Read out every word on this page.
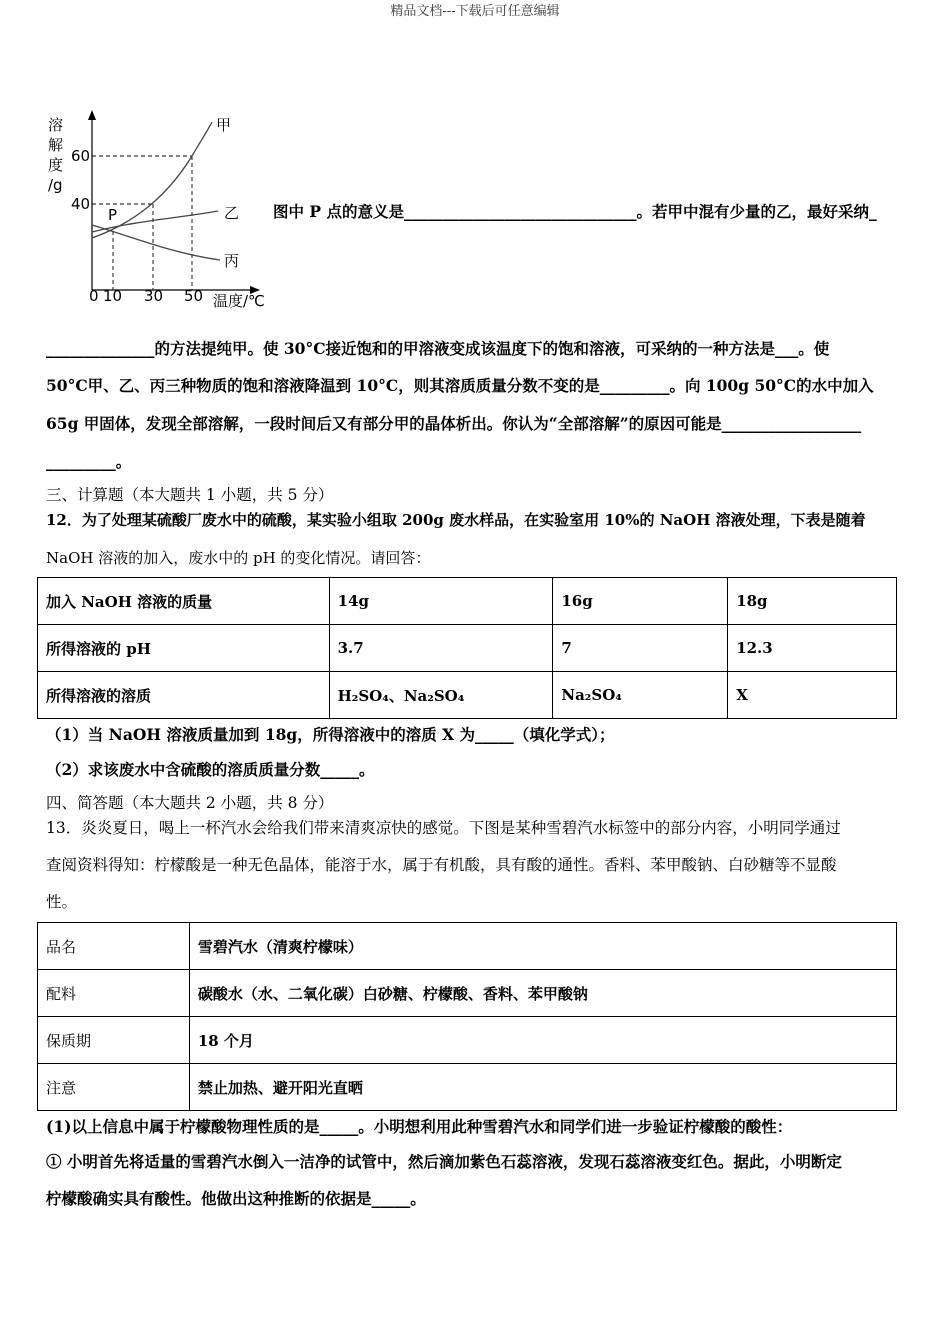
精品文档---下载后可任意编辑
溶
解
度
/g
60
40
甲
乙
丙
P
0 10 30 50 温度/℃
图中 P 点的意义是______________________________。若甲中混有少量的乙，最好采纳_
______________的方法提纯甲。使 30°C接近饱和的甲溶液变成该温度下的饱和溶液，可采纳的一种方法是___。使
50°C甲、乙、丙三种物质的饱和溶液降温到 10°C，则其溶质质量分数不变的是_________。向 100g 50°C的水中加入
65g 甲固体，发现全部溶解，一段时间后又有部分甲的晶体析出。你认为“全部溶解”的原因可能是__________________
_________。
三、计算题（本大题共 1 小题，共 5 分）
12．为了处理某硫酸厂废水中的硫酸，某实验小组取 200g 废水样品，在实验室用 10%的 NaOH 溶液处理，下表是随着
NaOH 溶液的加入，废水中的 pH 的变化情况。请回答：
加入 NaOH 溶液的质量	14g	16g	18g
所得溶液的 pH	3.7	7	12.3
所得溶液的溶质	H₂SO₄、Na₂SO₄	Na₂SO₄	X
（1）当 NaOH 溶液质量加到 18g，所得溶液中的溶质 X 为_____（填化学式）；
（2）求该废水中含硫酸的溶质质量分数_____。
四、简答题（本大题共 2 小题，共 8 分）
13．炎炎夏日，喝上一杯汽水会给我们带来清爽凉快的感觉。下图是某种雪碧汽水标签中的部分内容，小明同学通过
查阅资料得知：柠檬酸是一种无色晶体，能溶于水，属于有机酸，具有酸的通性。香料、苯甲酸钠、白砂糖等不显酸
性。
品名	雪碧汽水（清爽柠檬味）
配料	碳酸水（水、二氧化碳）白砂糖、柠檬酸、香料、苯甲酸钠
保质期	18 个月
注意	禁止加热、避开阳光直晒
(1)以上信息中属于柠檬酸物理性质的是_____。小明想利用此种雪碧汽水和同学们进一步验证柠檬酸的酸性：
① 小明首先将适量的雪碧汽水倒入一洁净的试管中，然后滴加紫色石蕊溶液，发现石蕊溶液变红色。据此，小明断定
柠檬酸确实具有酸性。他做出这种推断的依据是_____。
